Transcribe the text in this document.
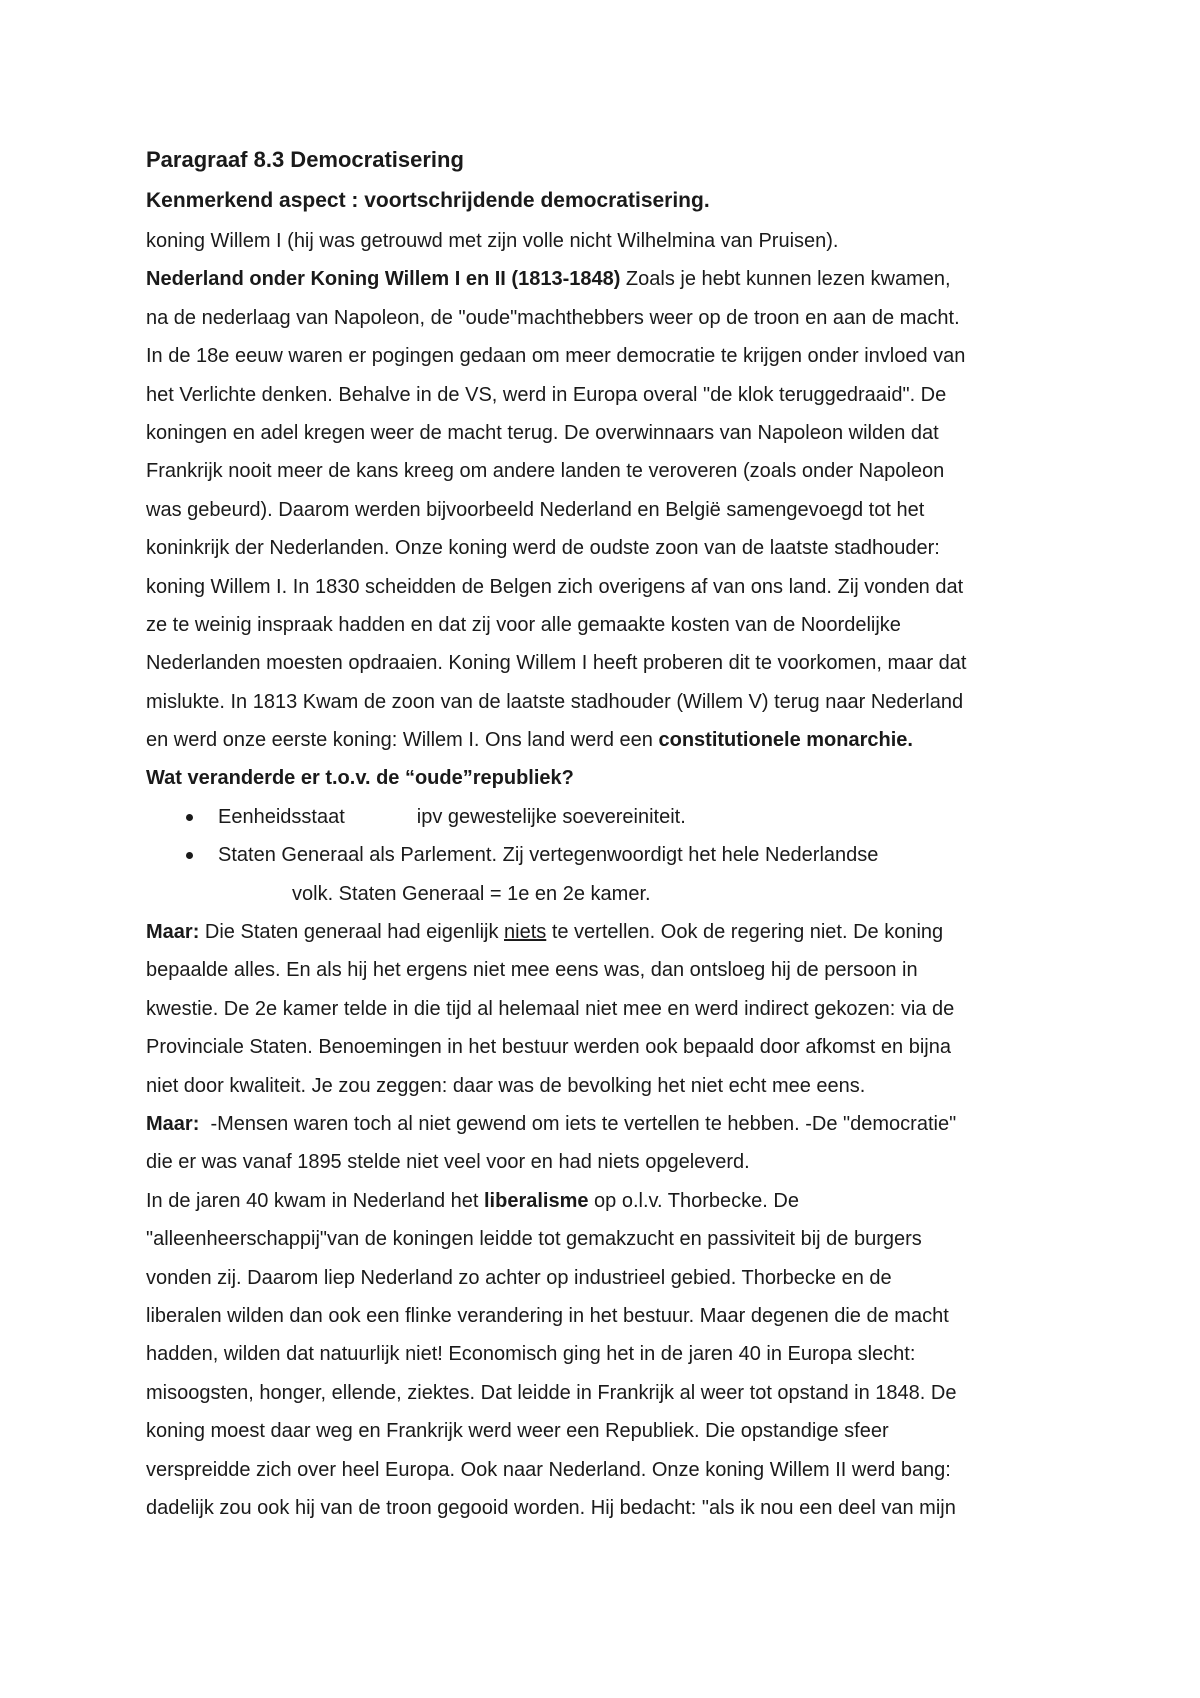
Paragraaf 8.3 Democratisering
Kenmerkend aspect : voortschrijdende democratisering.
koning Willem I (hij was getrouwd met zijn volle nicht Wilhelmina van Pruisen).
Nederland onder Koning Willem I en II (1813-1848) Zoals je hebt kunnen lezen kwamen,
na de nederlaag van Napoleon, de "oude"machthebbers weer op de troon en aan de macht.
In de 18e eeuw waren er pogingen gedaan om meer democratie te krijgen onder invloed van
het Verlichte denken. Behalve in de VS, werd in Europa overal "de klok teruggedraaid". De
koningen en adel kregen weer de macht terug. De overwinnaars van Napoleon wilden dat
Frankrijk nooit meer de kans kreeg om andere landen te veroveren (zoals onder Napoleon
was gebeurd). Daarom werden bijvoorbeeld Nederland en België samengevoegd tot het
koninkrijk der Nederlanden. Onze koning werd de oudste zoon van de laatste stadhouder:
koning Willem I. In 1830 scheidden de Belgen zich overigens af van ons land. Zij vonden dat
ze te weinig inspraak hadden en dat zij voor alle gemaakte kosten van de Noordelijke
Nederlanden moesten opdraaien. Koning Willem I heeft proberen dit te voorkomen, maar dat
mislukte. In 1813 Kwam de zoon van de laatste stadhouder (Willem V) terug naar Nederland
en werd onze eerste koning: Willem I. Ons land werd een constitutionele monarchie.
Wat veranderde er t.o.v. de “oude”republiek?
Eenheidsstaat	ipv gewestelijke soevereiniteit.
Staten Generaal als Parlement. Zij vertegenwoordigt het hele Nederlandse
volk. Staten Generaal = 1e en 2e kamer.
Maar: Die Staten generaal had eigenlijk niets te vertellen. Ook de regering niet. De koning
bepaalde alles. En als hij het ergens niet mee eens was, dan ontsloeg hij de persoon in
kwestie. De 2e kamer telde in die tijd al helemaal niet mee en werd indirect gekozen: via de
Provinciale Staten. Benoemingen in het bestuur werden ook bepaald door afkomst en bijna
niet door kwaliteit. Je zou zeggen: daar was de bevolking het niet echt mee eens.
Maar:  -Mensen waren toch al niet gewend om iets te vertellen te hebben. -De "democratie"
die er was vanaf 1895 stelde niet veel voor en had niets opgeleverd.
In de jaren 40 kwam in Nederland het liberalisme op o.l.v. Thorbecke. De
"alleenheerschappij"van de koningen leidde tot gemakzucht en passiviteit bij de burgers
vonden zij. Daarom liep Nederland zo achter op industrieel gebied. Thorbecke en de
liberalen wilden dan ook een flinke verandering in het bestuur. Maar degenen die de macht
hadden, wilden dat natuurlijk niet! Economisch ging het in de jaren 40 in Europa slecht:
misoogsten, honger, ellende, ziektes. Dat leidde in Frankrijk al weer tot opstand in 1848. De
koning moest daar weg en Frankrijk werd weer een Republiek. Die opstandige sfeer
verspreidde zich over heel Europa. Ook naar Nederland. Onze koning Willem II werd bang:
dadelijk zou ook hij van de troon gegooid worden. Hij bedacht: "als ik nou een deel van mijn
